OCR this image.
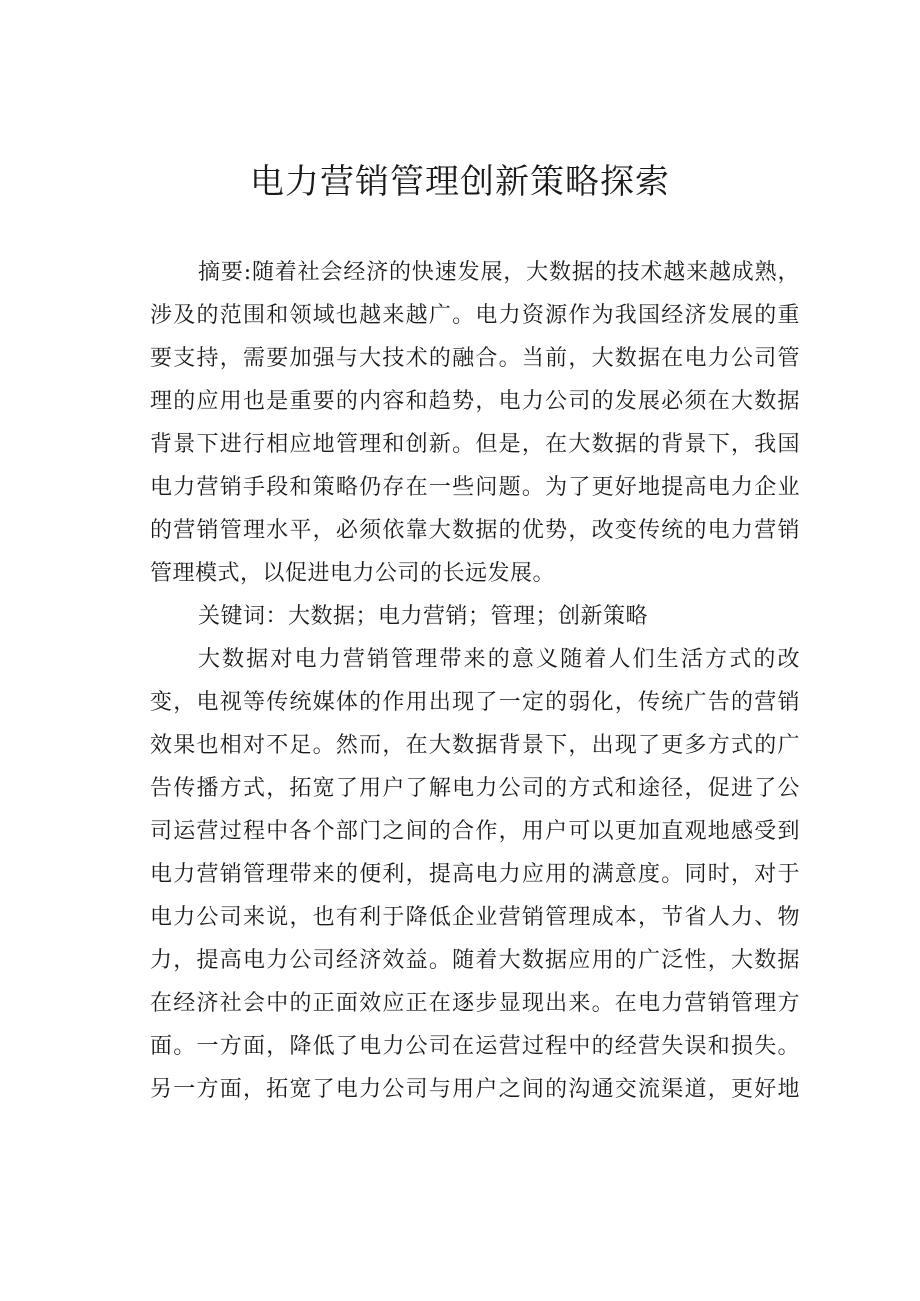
电力营销管理创新策略探索
摘要:随着社会经济的快速发展，大数据的技术越来越成熟，
涉及的范围和领域也越来越广。电力资源作为我国经济发展的重
要支持，需要加强与大技术的融合。当前，大数据在电力公司管
理的应用也是重要的内容和趋势，电力公司的发展必须在大数据
背景下进行相应地管理和创新。但是，在大数据的背景下，我国
电力营销手段和策略仍存在一些问题。为了更好地提高电力企业
的营销管理水平，必须依靠大数据的优势，改变传统的电力营销
管理模式，以促进电力公司的长远发展。
关键词：大数据；电力营销；管理；创新策略
大数据对电力营销管理带来的意义随着人们生活方式的改
变，电视等传统媒体的作用出现了一定的弱化，传统广告的营销
效果也相对不足。然而，在大数据背景下，出现了更多方式的广
告传播方式，拓宽了用户了解电力公司的方式和途径，促进了公
司运营过程中各个部门之间的合作，用户可以更加直观地感受到
电力营销管理带来的便利，提高电力应用的满意度。同时，对于
电力公司来说，也有利于降低企业营销管理成本，节省人力、物
力，提高电力公司经济效益。随着大数据应用的广泛性，大数据
在经济社会中的正面效应正在逐步显现出来。在电力营销管理方
面。一方面，降低了电力公司在运营过程中的经营失误和损失。
另一方面，拓宽了电力公司与用户之间的沟通交流渠道，更好地
